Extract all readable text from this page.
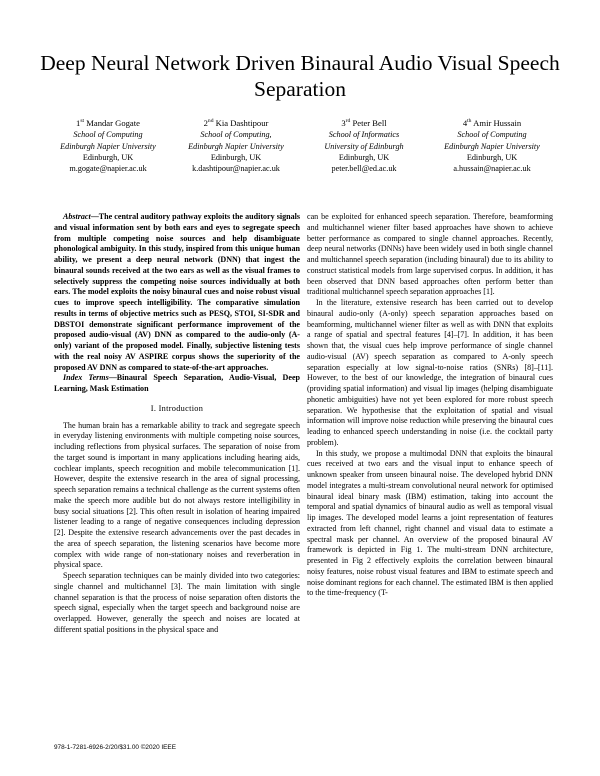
Deep Neural Network Driven Binaural Audio Visual Speech Separation
1st Mandar Gogate
School of Computing
Edinburgh Napier University
Edinburgh, UK
m.gogate@napier.ac.uk
2nd Kia Dashtipour
School of Computing,
Edinburgh Napier University
Edinburgh, UK
k.dashtipour@napier.ac.uk
3rd Peter Bell
School of Informatics
University of Edinburgh
Edinburgh, UK
peter.bell@ed.ac.uk
4th Amir Hussain
School of Computing
Edinburgh Napier University
Edinburgh, UK
a.hussain@napier.ac.uk

Abstract—The central auditory pathway exploits the auditory signals and visual information sent by both ears and eyes to segregate speech from multiple competing noise sources and help disambiguate phonological ambiguity. In this study, inspired from this unique human ability, we present a deep neural network (DNN) that ingest the binaural sounds received at the two ears as well as the visual frames to selectively suppress the competing noise sources individually at both ears. The model exploits the noisy binaural cues and noise robust visual cues to improve speech intelligibility. The comparative simulation results in terms of objective metrics such as PESQ, STOI, SI-SDR and DBSTOI demonstrate significant performance improvement of the proposed audio-visual (AV) DNN as compared to the audio-only (A-only) variant of the proposed model. Finally, subjective listening tests with the real noisy AV ASPIRE corpus shows the superiority of the proposed AV DNN as compared to state-of-the-art approaches.

Index Terms—Binaural Speech Separation, Audio-Visual, Deep Learning, Mask Estimation

I. Introduction

The human brain has a remarkable ability to track and segregate speech in everyday listening environments with multiple competing noise sources, including reflections from physical surfaces. The separation of noise from the target sound is important in many applications including hearing aids, cochlear implants, speech recognition and mobile telecommunication [1]. However, despite the extensive research in the area of signal processing, speech separation remains a technical challenge as the current systems often make the speech more audible but do not always restore intelligibility in busy social situations [2]. This often result in isolation of hearing impaired listener leading to a range of negative consequences including depression [2]. Despite the extensive research advancements over the past decades in the area of speech separation, the listening scenarios have become more complex with wide range of non-stationary noises and reverberation in physical space.

Speech separation techniques can be mainly divided into two categories: single channel and multichannel [3]. The main limitation with single channel separation is that the process of noise separation often distorts the speech signal, especially when the target speech and background noise are overlapped. However, generally the speech and noises are located at different spatial positions in the physical space and

can be exploited for enhanced speech separation. Therefore, beamforming and multichannel wiener filter based approaches have shown to achieve better performance as compared to single channel approaches. Recently, deep neural networks (DNNs) have been widely used in both single channel and multichannel speech separation (including binaural) due to its ability to construct statistical models from large supervised corpus. In addition, it has been observed that DNN based approaches often perform better than traditional multichannel speech separation approaches [1].

In the literature, extensive research has been carried out to develop binaural audio-only (A-only) speech separation approaches based on beamforming, multichannel wiener filter as well as with DNN that exploits a range of spatial and spectral features [4]–[7]. In addition, it has been shown that, the visual cues help improve performance of single channel audio-visual (AV) speech separation as compared to A-only speech separation especially at low signal-to-noise ratios (SNRs) [8]–[11]. However, to the best of our knowledge, the integration of binaural cues (providing spatial information) and visual lip images (helping disambiguate phonetic ambiguities) have not yet been explored for more robust speech separation. We hypothesise that the exploitation of spatial and visual information will improve noise reduction while preserving the binaural cues leading to enhanced speech understanding in noise (i.e. the cocktail party problem).

In this study, we propose a multimodal DNN that exploits the binaural cues received at two ears and the visual input to enhance speech of unknown speaker from unseen binaural noise. The developed hybrid DNN model integrates a multi-stream convolutional neural network for optimised binaural ideal binary mask (IBM) estimation, taking into account the temporal and spatial dynamics of binaural audio as well as temporal visual lip images. The developed model learns a joint representation of features extracted from left channel, right channel and visual data to estimate a spectral mask per channel. An overview of the proposed binaural AV framework is depicted in Fig 1. The multi-stream DNN architecture, presented in Fig 2 effectively exploits the correlation between binaural noisy features, noise robust visual features and IBM to estimate speech and noise dominant regions for each channel. The estimated IBM is then applied to the time-frequency (T-

978-1-7281-6926-2/20/$31.00 ©2020 IEEE
